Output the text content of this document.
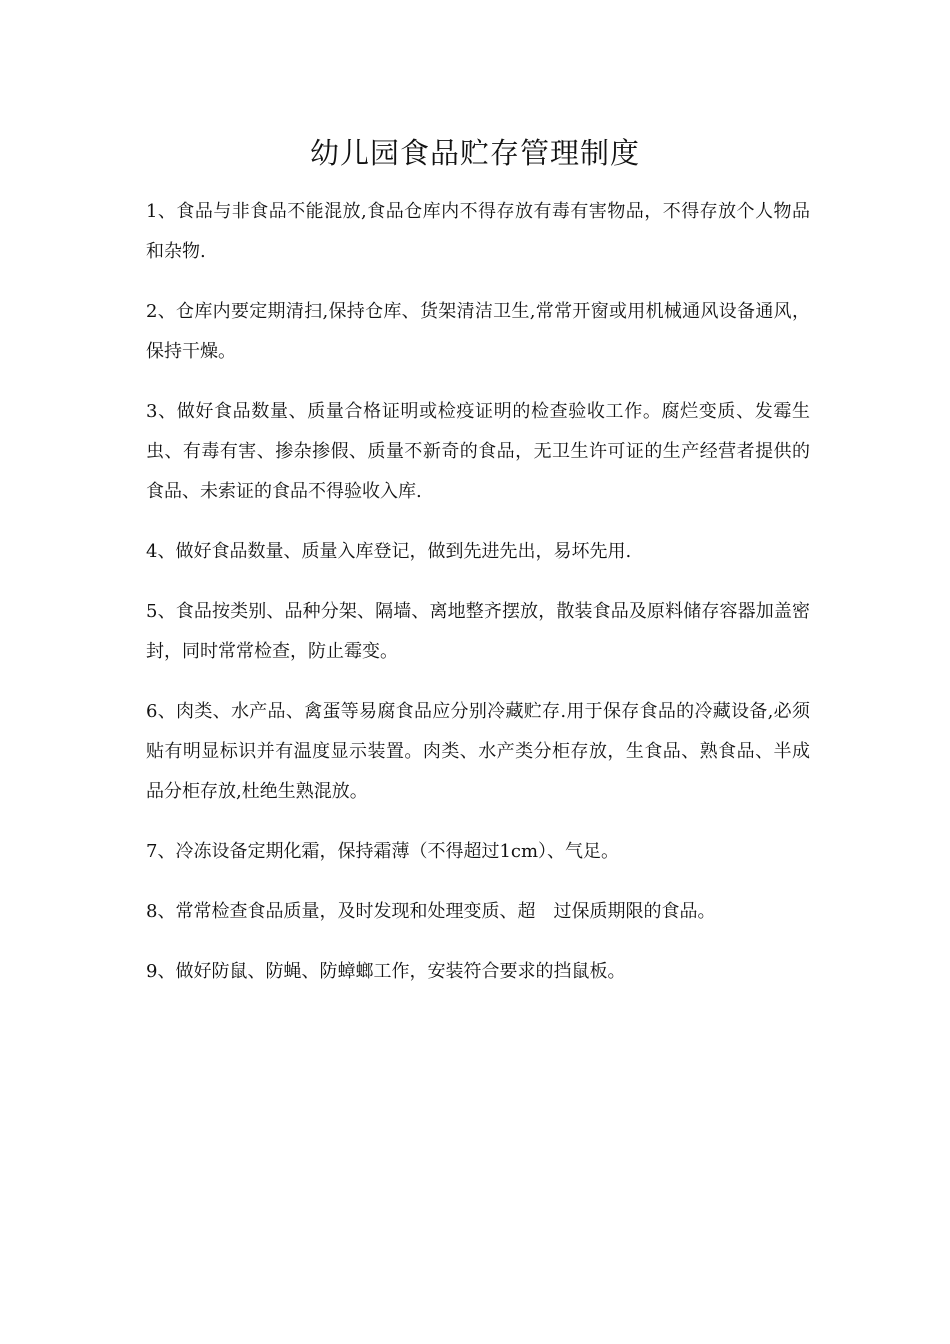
幼儿园食品贮存管理制度
1、食品与非食品不能混放,食品仓库内不得存放有毒有害物品，不得存放个人物品和杂物.
2、仓库内要定期清扫,保持仓库、货架清洁卫生,常常开窗或用机械通风设备通风，保持干燥。
3、做好食品数量、质量合格证明或检疫证明的检查验收工作。腐烂变质、发霉生虫、有毒有害、掺杂掺假、质量不新奇的食品，无卫生许可证的生产经营者提供的食品、未索证的食品不得验收入库.
4、做好食品数量、质量入库登记，做到先进先出，易坏先用.
5、食品按类别、品种分架、隔墙、离地整齐摆放，散装食品及原料储存容器加盖密封，同时常常检查，防止霉变。
6、肉类、水产品、禽蛋等易腐食品应分别冷藏贮存.用于保存食品的冷藏设备,必须贴有明显标识并有温度显示装置。肉类、水产类分柜存放，生食品、熟食品、半成品分柜存放,杜绝生熟混放。
7、冷冻设备定期化霜，保持霜薄（不得超过1cm）、气足。
8、常常检查食品质量，及时发现和处理变质、超　过保质期限的食品。
9、做好防鼠、防蝇、防蟑螂工作，安装符合要求的挡鼠板。
